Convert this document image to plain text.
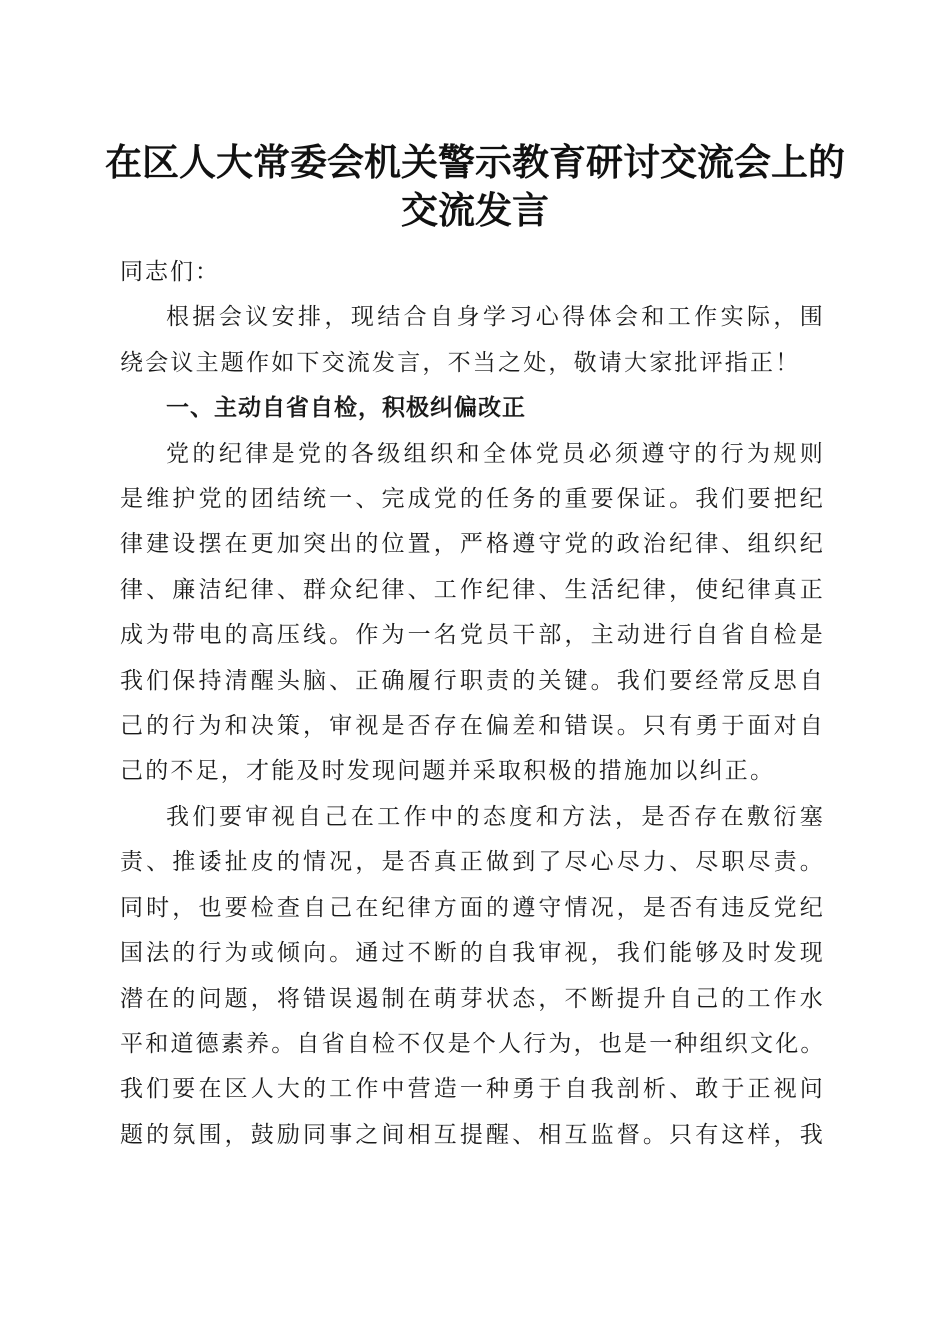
在区人大常委会机关警示教育研讨交流会上的
交流发言

同志们：

根据会议安排，现结合自身学习心得体会和工作实际，围
绕会议主题作如下交流发言，不当之处，敬请大家批评指正！

一、主动自省自检，积极纠偏改正

党的纪律是党的各级组织和全体党员必须遵守的行为规则
是维护党的团结统一、完成党的任务的重要保证。我们要把纪
律建设摆在更加突出的位置，严格遵守党的政治纪律、组织纪
律、廉洁纪律、群众纪律、工作纪律、生活纪律，使纪律真正
成为带电的高压线。作为一名党员干部，主动进行自省自检是
我们保持清醒头脑、正确履行职责的关键。我们要经常反思自
己的行为和决策，审视是否存在偏差和错误。只有勇于面对自
己的不足，才能及时发现问题并采取积极的措施加以纠正。
我们要审视自己在工作中的态度和方法，是否存在敷衍塞
责、推诿扯皮的情况，是否真正做到了尽心尽力、尽职尽责。
同时，也要检查自己在纪律方面的遵守情况，是否有违反党纪
国法的行为或倾向。通过不断的自我审视，我们能够及时发现
潜在的问题，将错误遏制在萌芽状态，不断提升自己的工作水
平和道德素养。自省自检不仅是个人行为，也是一种组织文化。
我们要在区人大的工作中营造一种勇于自我剖析、敢于正视问
题的氛围，鼓励同事之间相互提醒、相互监督。只有这样，我
